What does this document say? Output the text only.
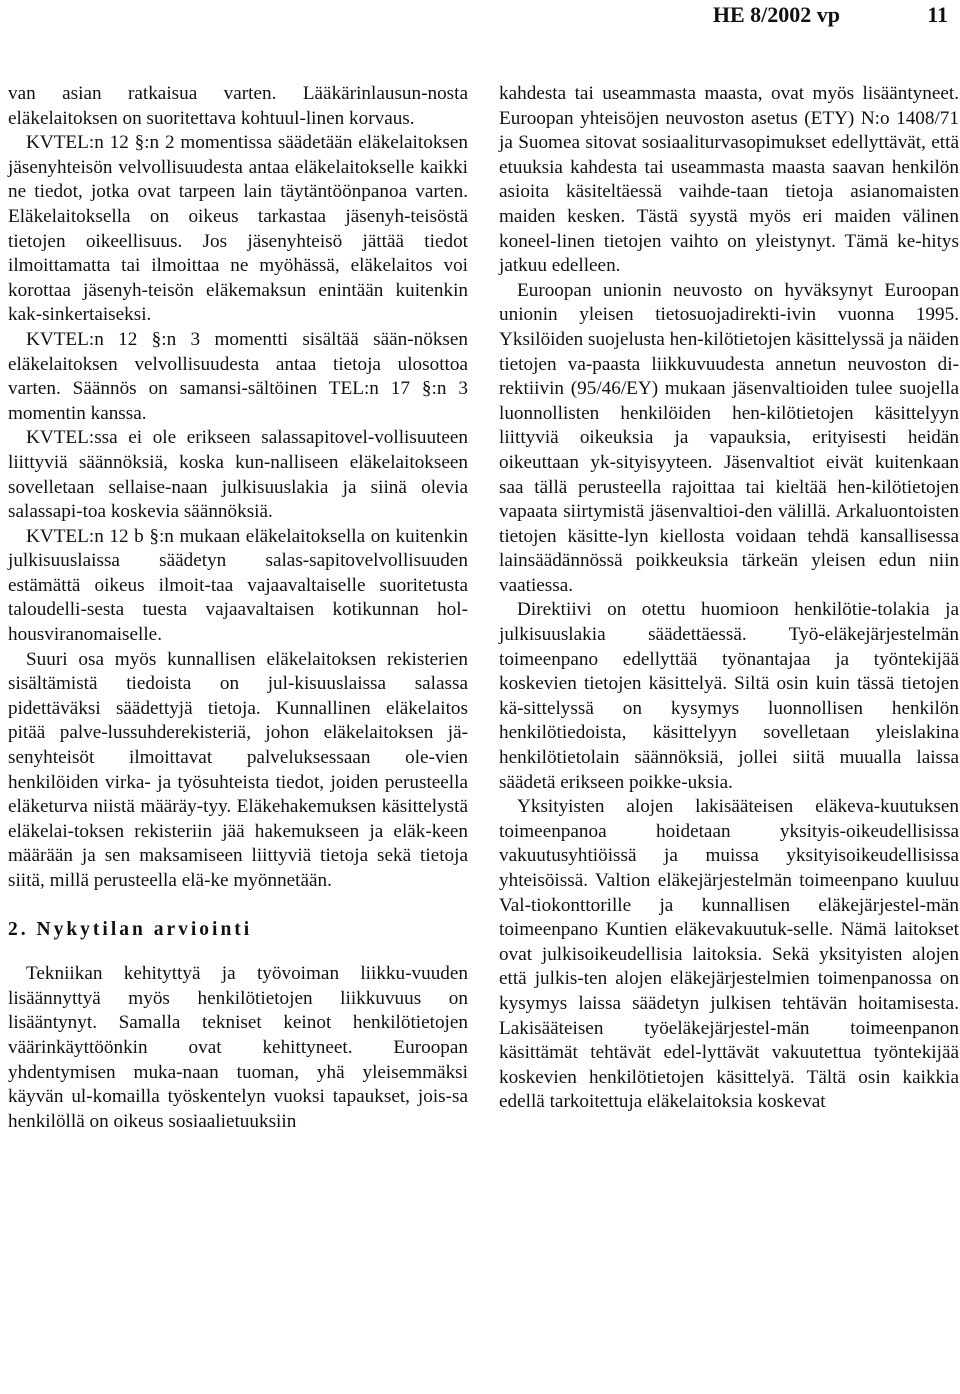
HE 8/2002 vp	11

van asian ratkaisua varten. Lääkärinlausun-nosta eläkelaitoksen on suoritettava kohtuul-linen korvaus.

KVTEL:n 12 §:n 2 momentissa säädetään eläkelaitoksen jäsenyhteisön velvollisuudesta antaa eläkelaitokselle kaikki ne tiedot, jotka ovat tarpeen lain täytäntöönpanoa varten. Eläkelaitoksella on oikeus tarkastaa jäsenyh-teisöstä tietojen oikeellisuus. Jos jäsenyhteisö jättää tiedot ilmoittamatta tai ilmoittaa ne myöhässä, eläkelaitos voi korottaa jäsenyh-teisön eläkemaksun enintään kuitenkin kak-sinkertaiseksi.

KVTEL:n 12 §:n 3 momentti sisältää sään-nöksen eläkelaitoksen velvollisuudesta antaa tietoja ulosottoa varten. Säännös on samansi-sältöinen TEL:n 17 §:n 3 momentin kanssa.

KVTEL:ssa ei ole erikseen salassapitovel-vollisuuteen liittyviä säännöksiä, koska kun-nalliseen eläkelaitokseen sovelletaan sellaise-naan julkisuuslakia ja siinä olevia salassapi-toa koskevia säännöksiä.

KVTEL:n 12 b §:n mukaan eläkelaitoksella on kuitenkin julkisuuslaissa säädetyn salas-sapitovelvollisuuden estämättä oikeus ilmoit-taa vajaavaltaiselle suoritetusta taloudelli-sesta tuesta vajaavaltaisen kotikunnan hol-housviranomaiselle.

Suuri osa myös kunnallisen eläkelaitoksen rekisterien sisältämistä tiedoista on jul-kisuuslaissa salassa pidettäväksi säädettyjä tietoja. Kunnallinen eläkelaitos pitää palve-lussuhderekisteriä, johon eläkelaitoksen jä-senyhteisöt ilmoittavat palveluksessaan ole-vien henkilöiden virka- ja työsuhteista tiedot, joiden perusteella eläketurva niistä määräy-tyy. Eläkehakemuksen käsittelystä eläkelai-toksen rekisteriin jää hakemukseen ja eläk-keen määrään ja sen maksamiseen liittyviä tietoja sekä tietoja siitä, millä perusteella elä-ke myönnetään.

2. Nykytilan arviointi

Tekniikan kehityttyä ja työvoiman liikku-vuuden lisäännyttyä myös henkilötietojen liikkuvuus on lisääntynyt. Samalla tekniset keinot henkilötietojen väärinkäyttöönkin ovat kehittyneet. Euroopan yhdentymisen muka-naan tuoman, yhä yleisemmäksi käyvän ul-komailla työskentelyn vuoksi tapaukset, jois-sa henkilöllä on oikeus sosiaalietuuksiin

kahdesta tai useammasta maasta, ovat myös lisääntyneet. Euroopan yhteisöjen neuvoston asetus (ETY) N:o 1408/71 ja Suomea sitovat sosiaaliturvasopimukset edellyttävät, että etuuksia kahdesta tai useammasta maasta saavan henkilön asioita käsiteltäessä vaihde-taan tietoja asianomaisten maiden kesken. Tästä syystä myös eri maiden välinen koneel-linen tietojen vaihto on yleistynyt. Tämä ke-hitys jatkuu edelleen.

Euroopan unionin neuvosto on hyväksynyt Euroopan unionin yleisen tietosuojadirekti-ivin vuonna 1995. Yksilöiden suojelusta hen-kilötietojen käsittelyssä ja näiden tietojen va-paasta liikkuvuudesta annetun neuvoston di-rektiivin (95/46/EY) mukaan jäsenvaltioiden tulee suojella luonnollisten henkilöiden hen-kilötietojen käsittelyyn liittyviä oikeuksia ja vapauksia, erityisesti heidän oikeuttaan yk-sityisyyteen. Jäsenvaltiot eivät kuitenkaan saa tällä perusteella rajoittaa tai kieltää hen-kilötietojen vapaata siirtymistä jäsenvaltioi-den välillä. Arkaluontoisten tietojen käsitte-lyn kiellosta voidaan tehdä kansallisessa lainsäädännössä poikkeuksia tärkeän yleisen edun niin vaatiessa.

Direktiivi on otettu huomioon henkilötie-tolakia ja julkisuuslakia säädettäessä. Työ-eläkejärjestelmän toimeenpano edellyttää työnantajaa ja työntekijää koskevien tietojen käsittelyä. Siltä osin kuin tässä tietojen kä-sittelyssä on kysymys luonnollisen henkilön henkilötiedoista, käsittelyyn sovelletaan yleislakina henkilötietolain säännöksiä, jollei siitä muualla laissa säädetä erikseen poikke-uksia.

Yksityisten alojen lakisääteisen eläkeva-kuutuksen toimeenpanoa hoidetaan yksityis-oikeudellisissa vakuutusyhtiöissä ja muissa yksityisoikeudellisissa yhteisöissä. Valtion eläkejärjestelmän toimeenpano kuuluu Val-tiokonttorille ja kunnallisen eläkejärjestel-män toimeenpano Kuntien eläkevakuutuk-selle. Nämä laitokset ovat julkisoikeudellisia laitoksia. Sekä yksityisten alojen että julkis-ten alojen eläkejärjestelmien toimenpanossa on kysymys laissa säädetyn julkisen tehtävän hoitamisesta. Lakisääteisen työeläkejärjestel-män toimeenpanon käsittämät tehtävät edel-lyttävät vakuutettua työntekijää koskevien henkilötietojen käsittelyä. Tältä osin kaikkia edellä tarkoitettuja eläkelaitoksia koskevat
